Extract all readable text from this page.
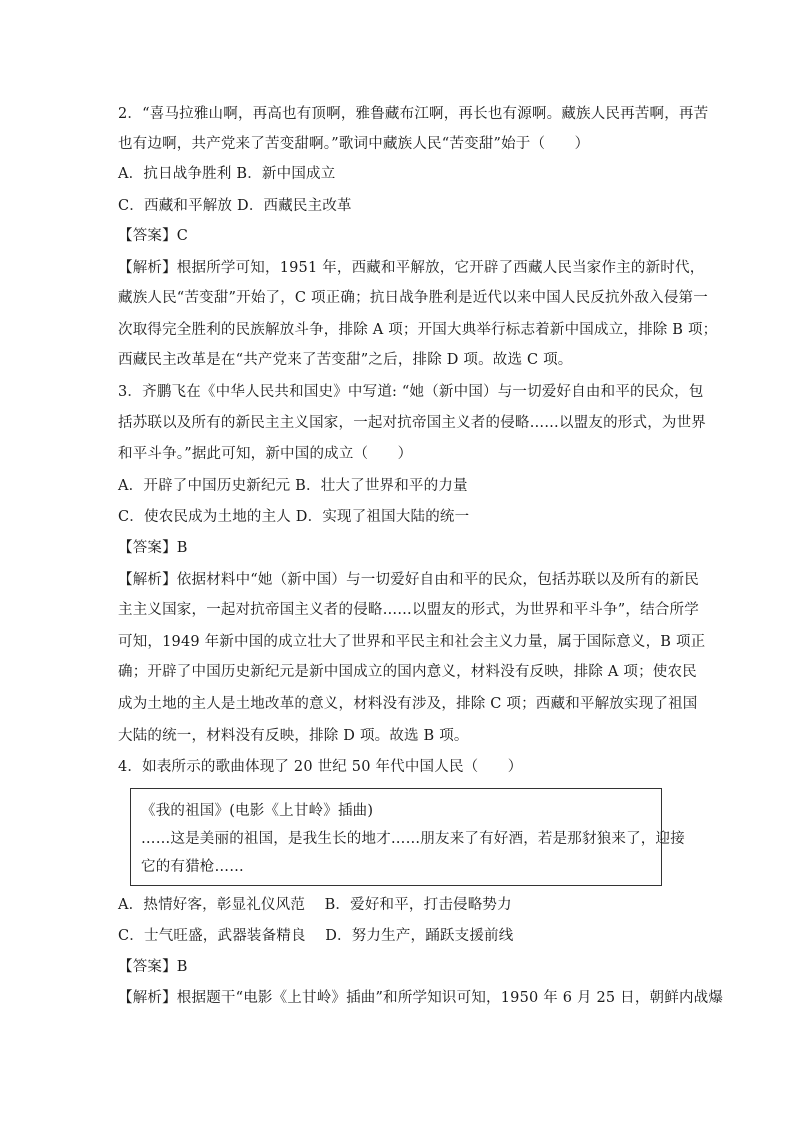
2．“喜马拉雅山啊，再高也有顶啊，雅鲁藏布江啊，再长也有源啊。藏族人民再苦啊，再苦
也有边啊，共产党来了苦变甜啊。”歌词中藏族人民“苦变甜”始于（　　）
A．抗日战争胜利 B．新中国成立
C．西藏和平解放 D．西藏民主改革
【答案】C
【解析】根据所学可知，1951 年，西藏和平解放，它开辟了西藏人民当家作主的新时代，
藏族人民“苦变甜”开始了，C 项正确；抗日战争胜利是近代以来中国人民反抗外敌入侵第一
次取得完全胜利的民族解放斗争，排除 A 项；开国大典举行标志着新中国成立，排除 B 项；
西藏民主改革是在“共产党来了苦变甜”之后，排除 D 项。故选 C 项。
3．齐鹏飞在《中华人民共和国史》中写道: “她（新中国）与一切爱好自由和平的民众，包
括苏联以及所有的新民主主义国家，一起对抗帝国主义者的侵略……以盟友的形式，为世界
和平斗争。”据此可知，新中国的成立（　　）
A．开辟了中国历史新纪元 B．壮大了世界和平的力量
C．使农民成为土地的主人 D．实现了祖国大陆的统一
【答案】B
【解析】依据材料中“她（新中国）与一切爱好自由和平的民众，包括苏联以及所有的新民
主主义国家，一起对抗帝国主义者的侵略……以盟友的形式，为世界和平斗争”，结合所学
可知，1949 年新中国的成立壮大了世界和平民主和社会主义力量，属于国际意义，B 项正
确；开辟了中国历史新纪元是新中国成立的国内意义，材料没有反映，排除 A 项；使农民
成为土地的主人是土地改革的意义，材料没有涉及，排除 C 项；西藏和平解放实现了祖国
大陆的统一，材料没有反映，排除 D 项。故选 B 项。
4．如表所示的歌曲体现了 20 世纪 50 年代中国人民（　　）
《我的祖国》(电影《上甘岭》插曲)
……这是美丽的祖国，是我生长的地才……朋友来了有好酒，若是那豺狼来了，迎接
它的有猎枪……
A．热情好客，彰显礼仪风范　 B．爱好和平，打击侵略势力
C．士气旺盛，武器装备精良　 D．努力生产，踊跃支援前线
【答案】B
【解析】根据题干“电影《上甘岭》插曲”和所学知识可知，1950 年 6 月 25 日，朝鲜内战爆
